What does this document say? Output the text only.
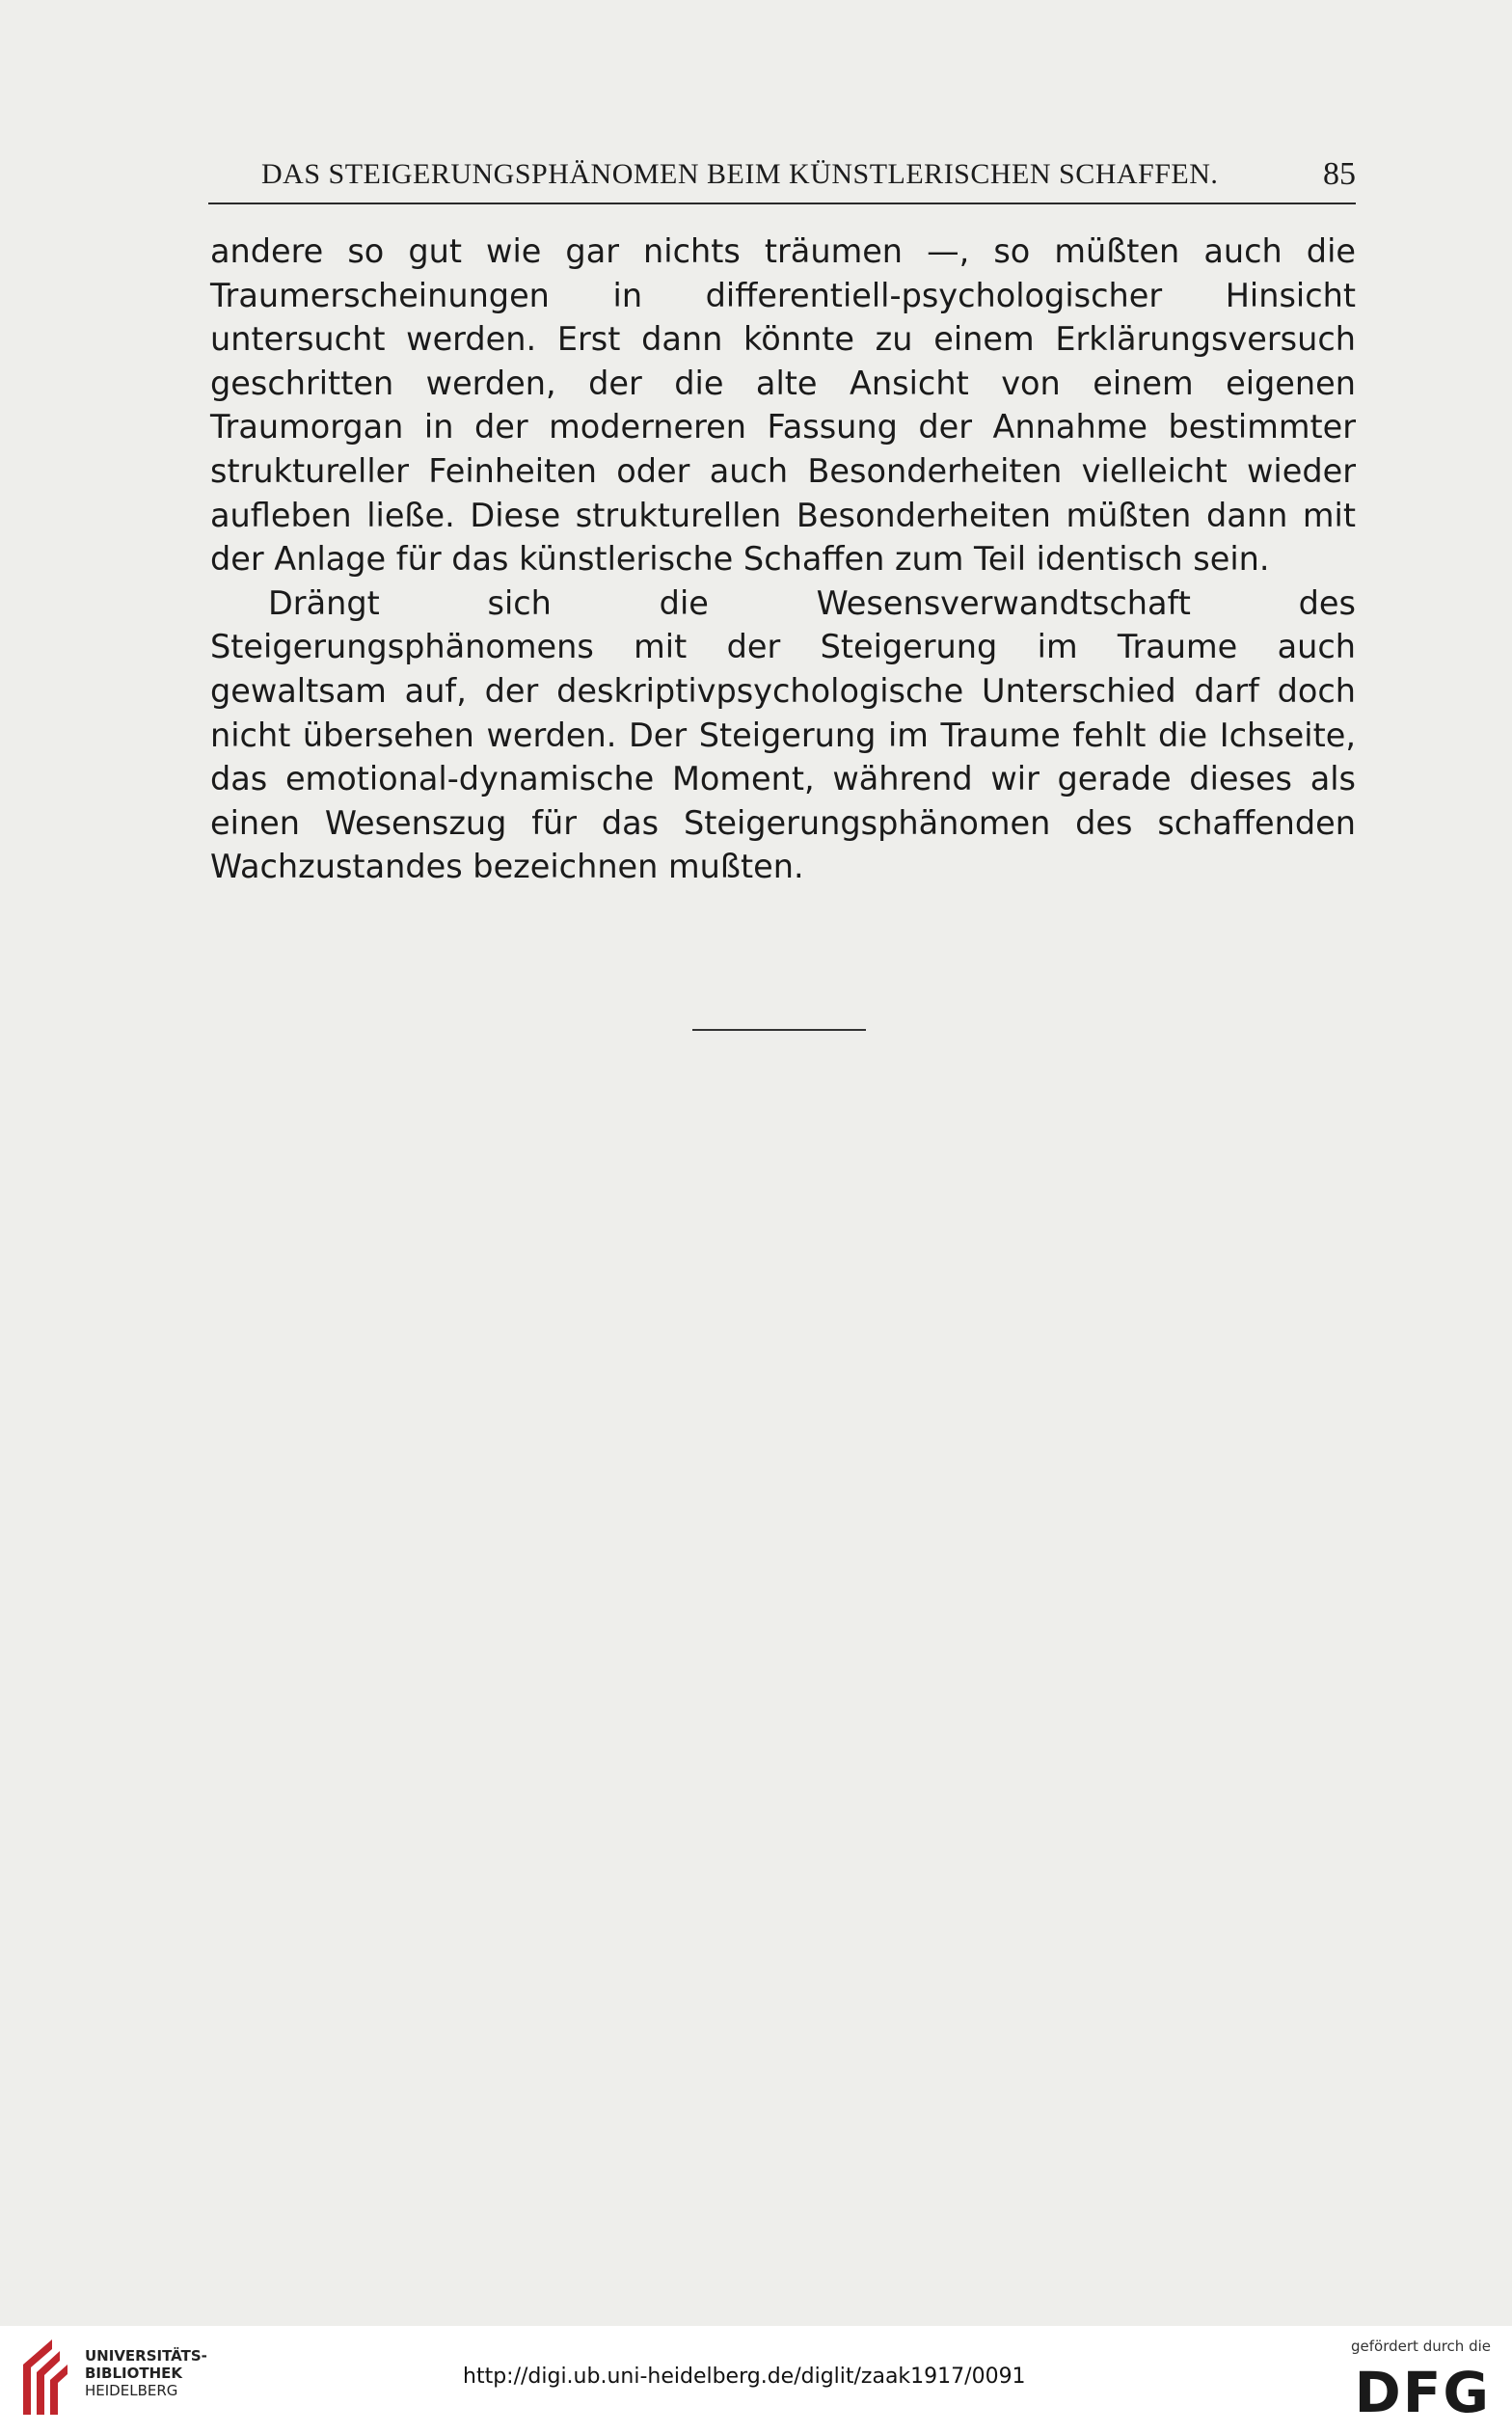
DAS STEIGERUNGSPHÄNOMEN BEIM KÜNSTLERISCHEN SCHAFFEN.	85

andere so gut wie gar nichts träumen —, so müßten auch die Traumerscheinungen in differentiell-psychologischer Hinsicht untersucht werden. Erst dann könnte zu einem Erklärungsversuch geschritten werden, der die alte Ansicht von einem eigenen Traumorgan in der moderneren Fassung der Annahme bestimmter struktureller Feinheiten oder auch Besonderheiten vielleicht wieder aufleben ließe. Diese strukturellen Besonderheiten müßten dann mit der Anlage für das künstlerische Schaffen zum Teil identisch sein.

Drängt sich die Wesensverwandtschaft des Steigerungsphänomens mit der Steigerung im Traume auch gewaltsam auf, der deskriptivpsychologische Unterschied darf doch nicht übersehen werden. Der Steigerung im Traume fehlt die Ichseite, das emotional-dynamische Moment, während wir gerade dieses als einen Wesenszug für das Steigerungsphänomen des schaffenden Wachzustandes bezeichnen mußten.

UNIVERSITÄTS-
BIBLIOTHEK
HEIDELBERG
http://digi.ub.uni-heidelberg.de/diglit/zaak1917/0091
gefördert durch die
DFG
